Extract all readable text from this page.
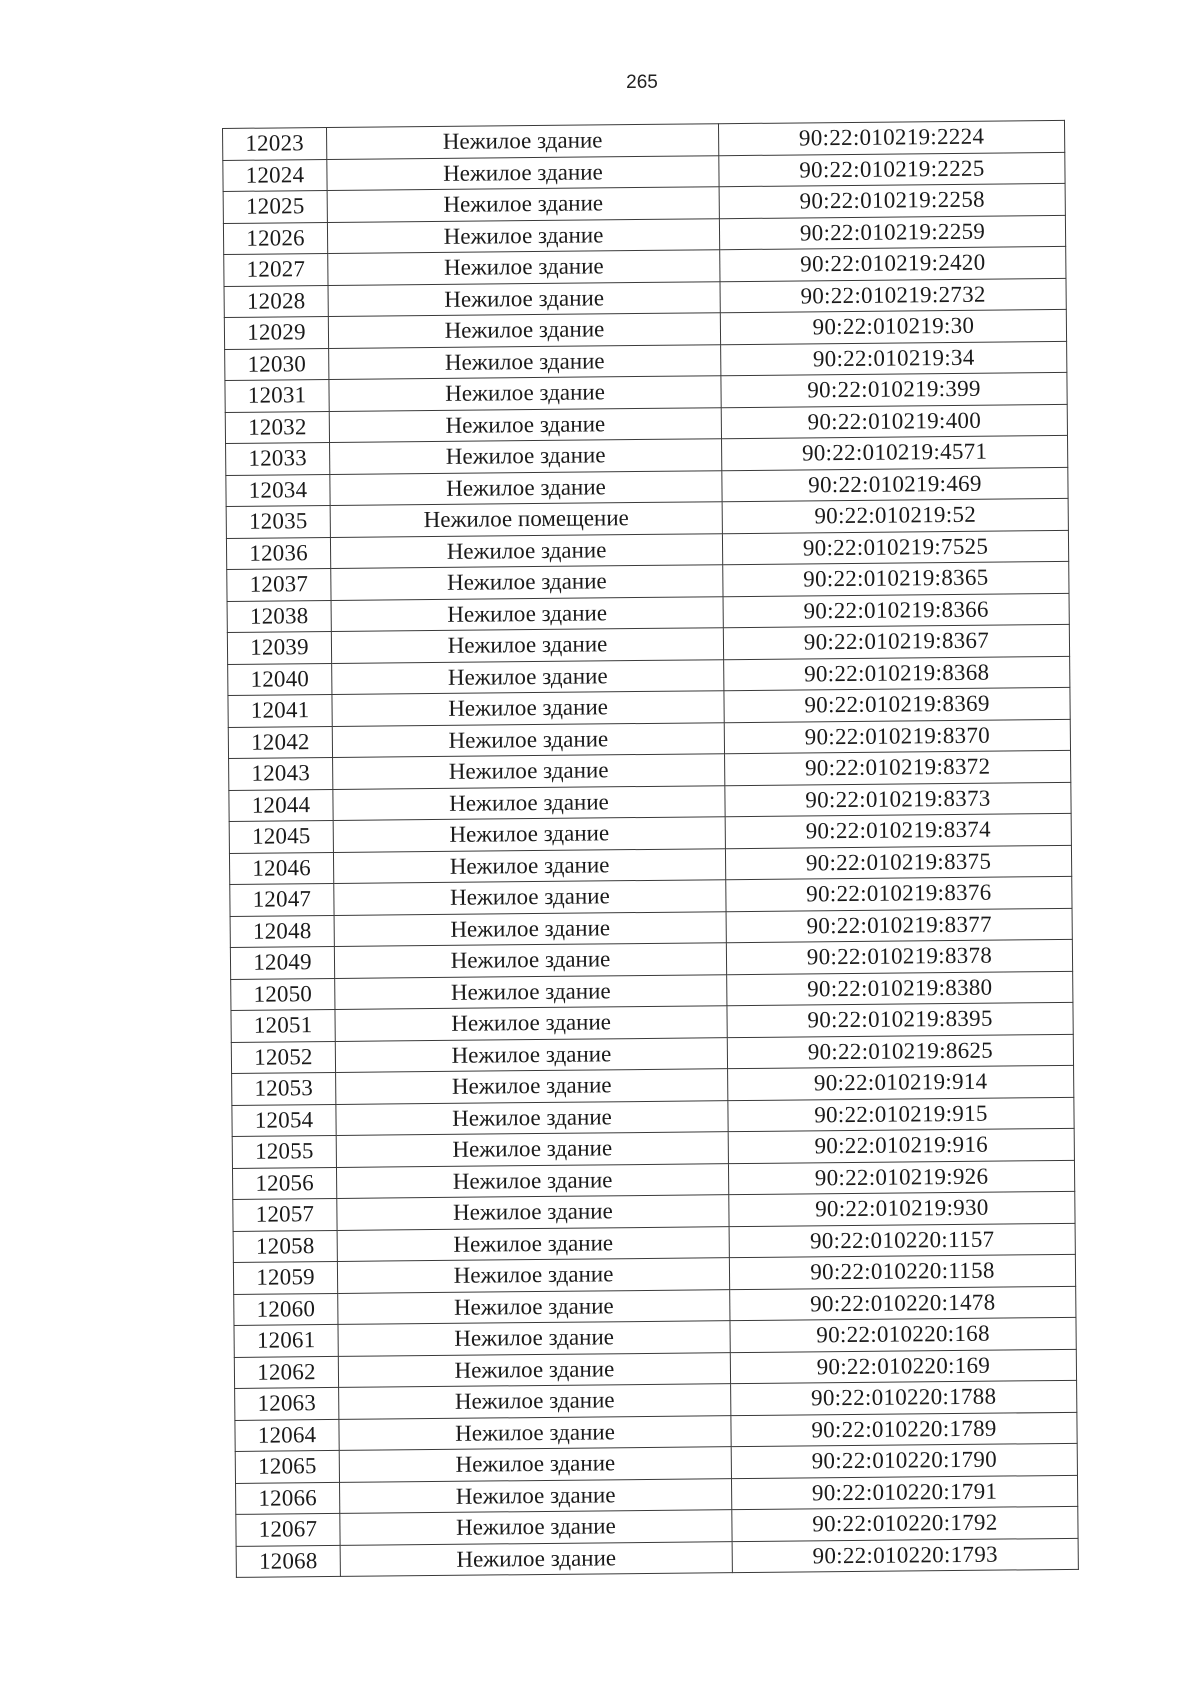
265
12023	Нежилое здание	90:22:010219:2224
12024	Нежилое здание	90:22:010219:2225
12025	Нежилое здание	90:22:010219:2258
12026	Нежилое здание	90:22:010219:2259
12027	Нежилое здание	90:22:010219:2420
12028	Нежилое здание	90:22:010219:2732
12029	Нежилое здание	90:22:010219:30
12030	Нежилое здание	90:22:010219:34
12031	Нежилое здание	90:22:010219:399
12032	Нежилое здание	90:22:010219:400
12033	Нежилое здание	90:22:010219:4571
12034	Нежилое здание	90:22:010219:469
12035	Нежилое помещение	90:22:010219:52
12036	Нежилое здание	90:22:010219:7525
12037	Нежилое здание	90:22:010219:8365
12038	Нежилое здание	90:22:010219:8366
12039	Нежилое здание	90:22:010219:8367
12040	Нежилое здание	90:22:010219:8368
12041	Нежилое здание	90:22:010219:8369
12042	Нежилое здание	90:22:010219:8370
12043	Нежилое здание	90:22:010219:8372
12044	Нежилое здание	90:22:010219:8373
12045	Нежилое здание	90:22:010219:8374
12046	Нежилое здание	90:22:010219:8375
12047	Нежилое здание	90:22:010219:8376
12048	Нежилое здание	90:22:010219:8377
12049	Нежилое здание	90:22:010219:8378
12050	Нежилое здание	90:22:010219:8380
12051	Нежилое здание	90:22:010219:8395
12052	Нежилое здание	90:22:010219:8625
12053	Нежилое здание	90:22:010219:914
12054	Нежилое здание	90:22:010219:915
12055	Нежилое здание	90:22:010219:916
12056	Нежилое здание	90:22:010219:926
12057	Нежилое здание	90:22:010219:930
12058	Нежилое здание	90:22:010220:1157
12059	Нежилое здание	90:22:010220:1158
12060	Нежилое здание	90:22:010220:1478
12061	Нежилое здание	90:22:010220:168
12062	Нежилое здание	90:22:010220:169
12063	Нежилое здание	90:22:010220:1788
12064	Нежилое здание	90:22:010220:1789
12065	Нежилое здание	90:22:010220:1790
12066	Нежилое здание	90:22:010220:1791
12067	Нежилое здание	90:22:010220:1792
12068	Нежилое здание	90:22:010220:1793
